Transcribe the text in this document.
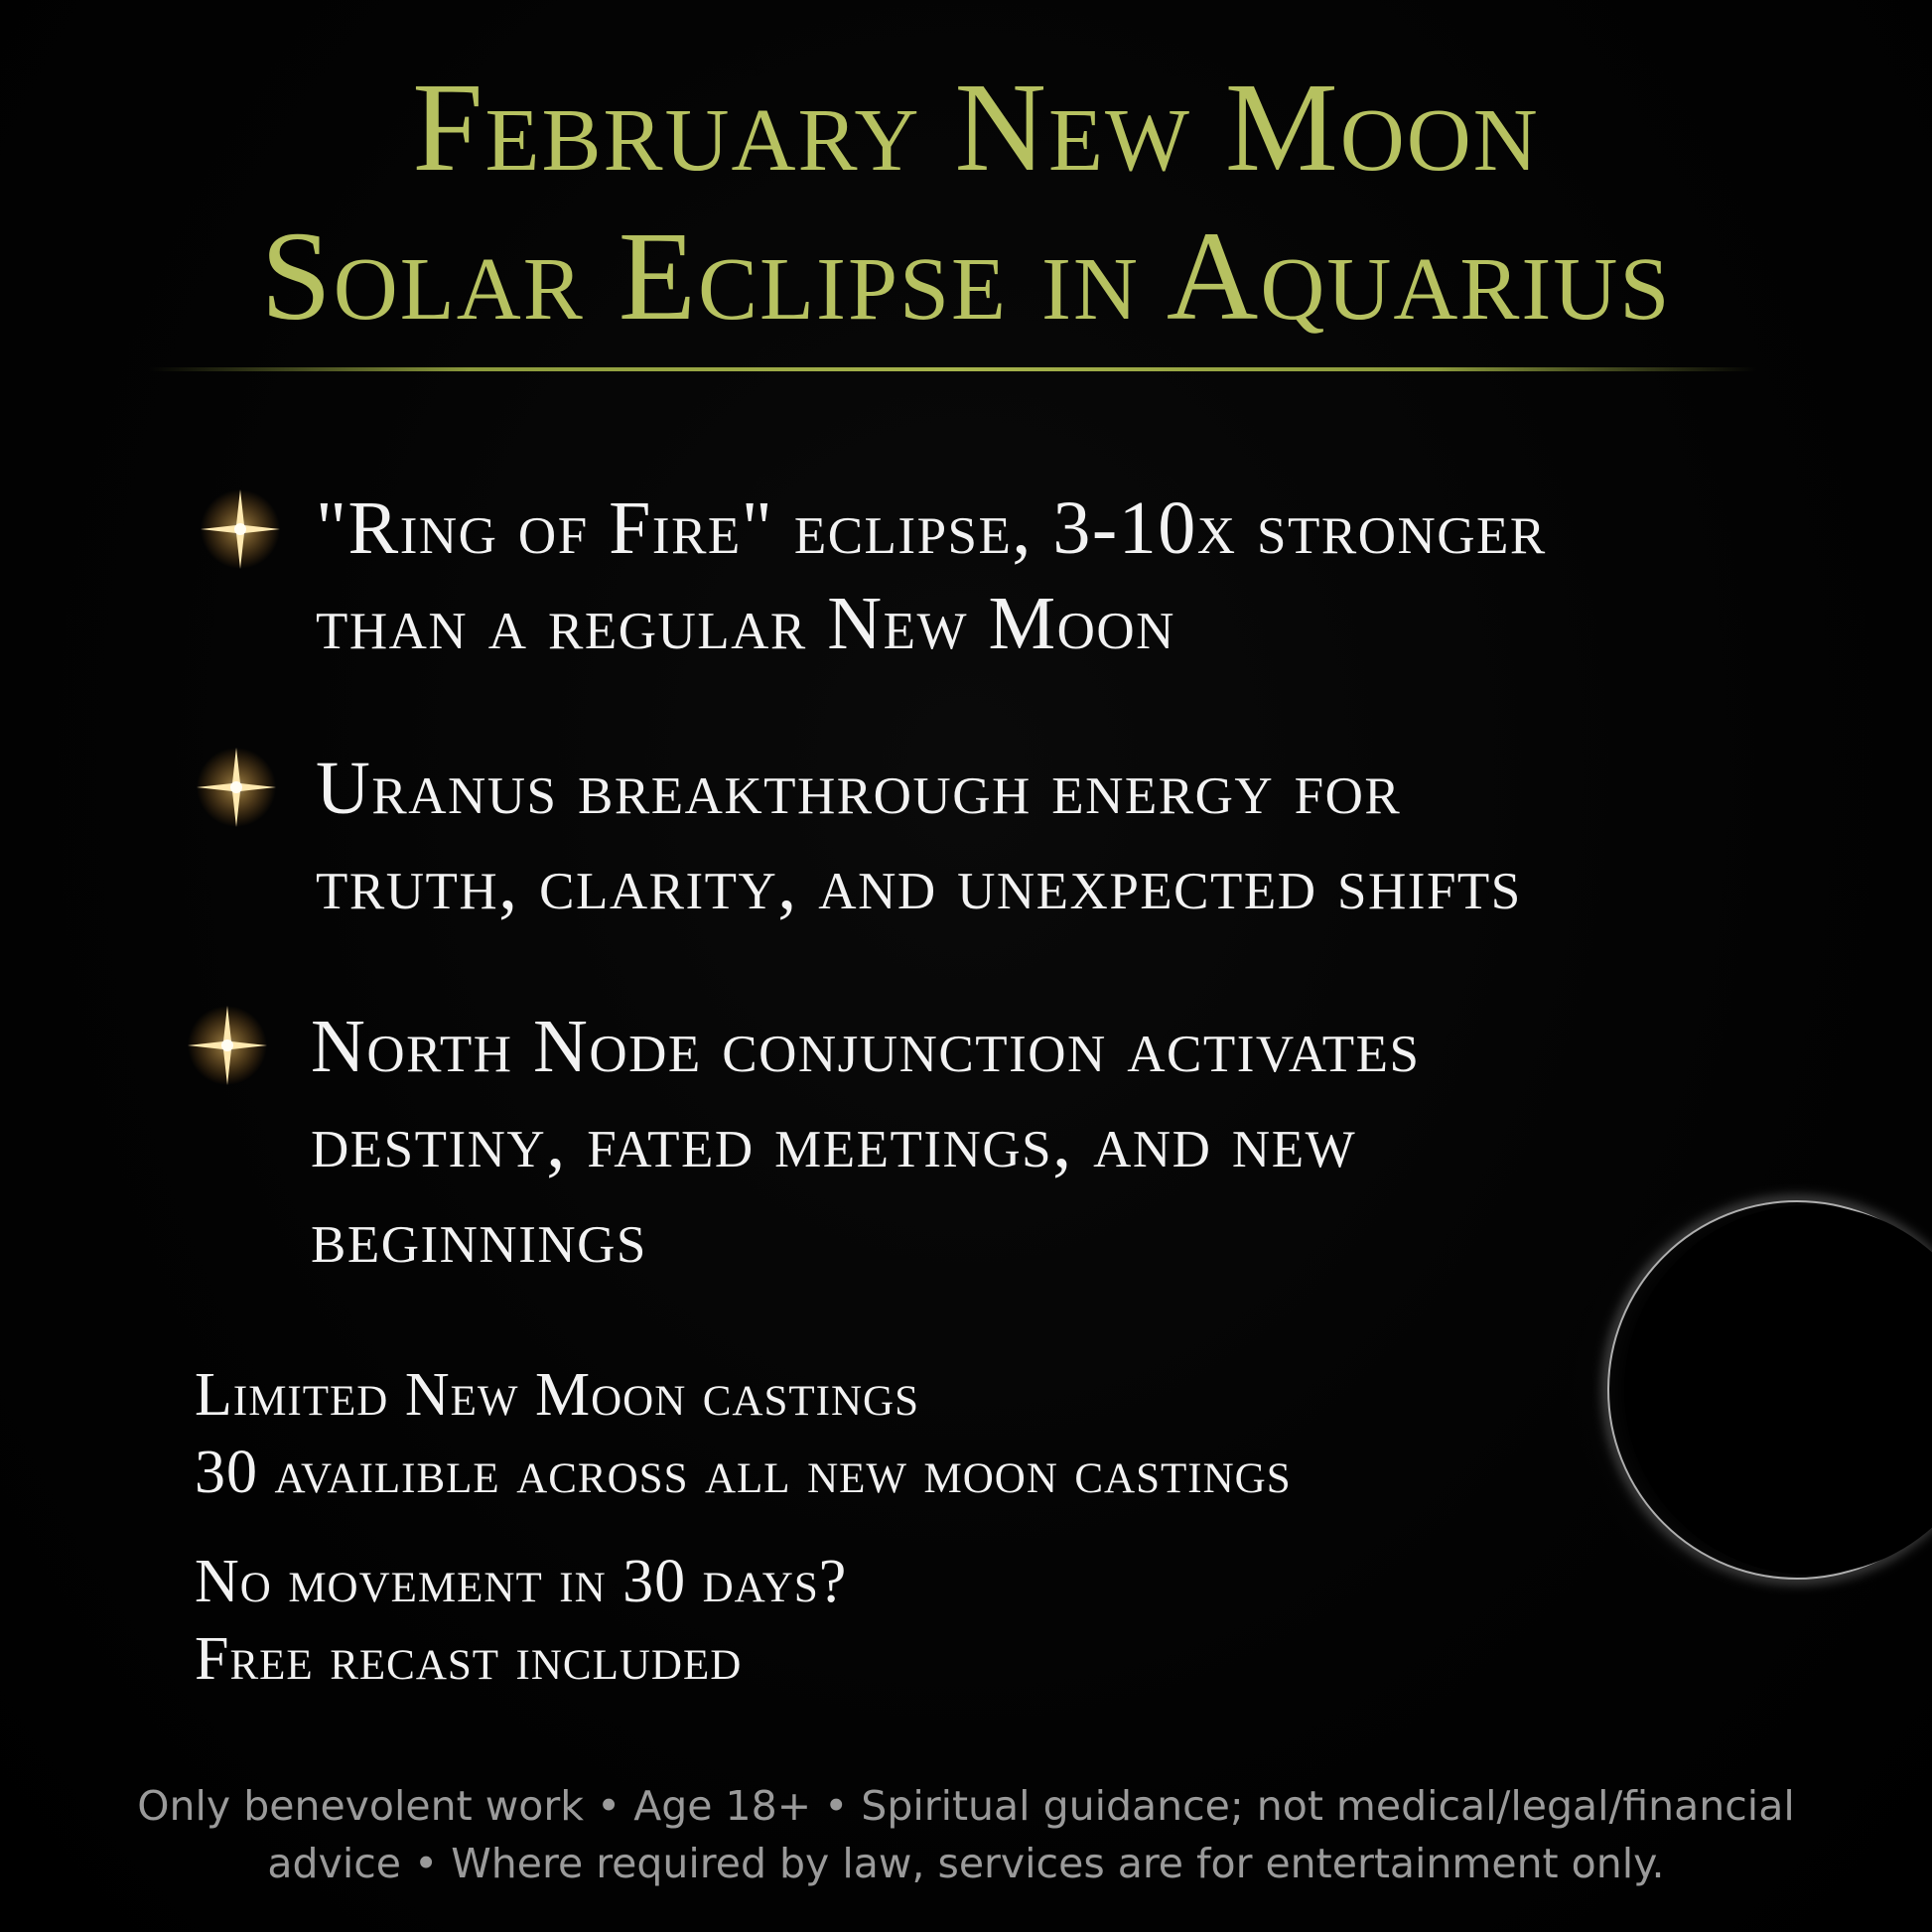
February New Moon
Solar Eclipse in Aquarius
"Ring of Fire" eclipse, 3-10x stronger
than a regular New Moon
Uranus breakthrough energy for
truth, clarity, and unexpected shifts
North Node conjunction activates
destiny, fated meetings, and new
beginnings
Limited New Moon castings
30 availible across all new moon castings
No movement in 30 days?
Free recast included
Only benevolent work • Age 18+ • Spiritual guidance; not medical/legal/financial
advice • Where required by law, services are for entertainment only.
